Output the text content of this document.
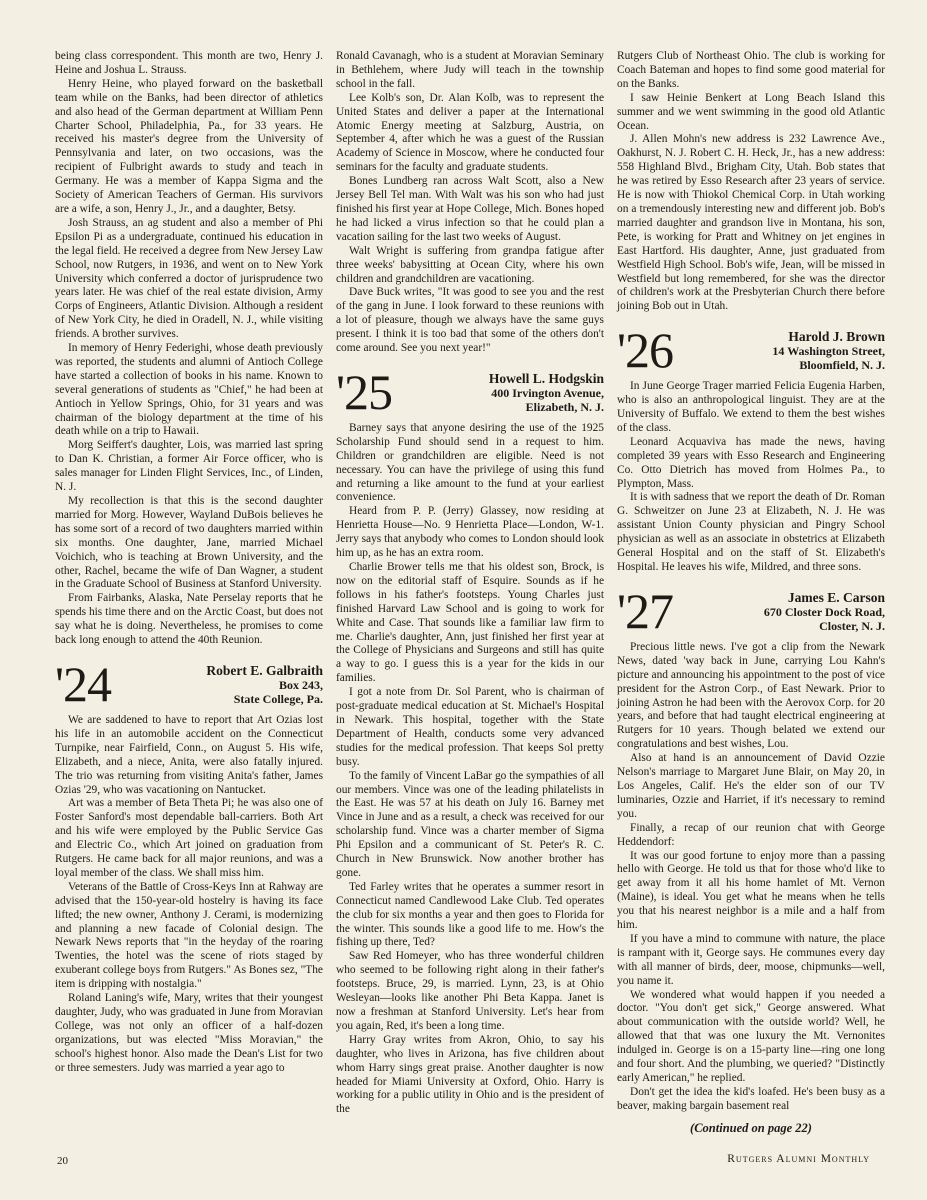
being class correspondent. This month are two, Henry J. Heine and Joshua L. Strauss.

Henry Heine, who played forward on the basketball team while on the Banks, had been director of athletics and also head of the German department at William Penn Charter School, Philadelphia, Pa., for 33 years. He received his master's degree from the University of Pennsylvania and later, on two occasions, was the recipient of Fulbright awards to study and teach in Germany. He was a member of Kappa Sigma and the Society of American Teachers of German. His survivors are a wife, a son, Henry J., Jr., and a daughter, Betsy.

Josh Strauss, an ag student and also a member of Phi Epsilon Pi as a undergraduate, continued his education in the legal field. He received a degree from New Jersey Law School, now Rutgers, in 1936, and went on to New York University which conferred a doctor of jurisprudence two years later. He was chief of the real estate division, Army Corps of Engineers, Atlantic Division. Although a resident of New York City, he died in Oradell, N. J., while visiting friends. A brother survives.

In memory of Henry Federighi, whose death previously was reported, the students and alumni of Antioch College have started a collection of books in his name. Known to several generations of students as "Chief," he had been at Antioch in Yellow Springs, Ohio, for 31 years and was chairman of the biology department at the time of his death while on a trip to Hawaii.

Morg Seiffert's daughter, Lois, was married last spring to Dan K. Christian, a former Air Force officer, who is sales manager for Linden Flight Services, Inc., of Linden, N. J.

My recollection is that this is the second daughter married for Morg. However, Wayland DuBois believes he has some sort of a record of two daughters married within six months. One daughter, Jane, married Michael Voichich, who is teaching at Brown University, and the other, Rachel, became the wife of Dan Wagner, a student in the Graduate School of Business at Stanford University.

From Fairbanks, Alaska, Nate Perselay reports that he spends his time there and on the Arctic Coast, but does not say what he is doing. Nevertheless, he promises to come back long enough to attend the 40th Reunion.

'24	Robert E. Galbraith
Box 243,
State College, Pa.

We are saddened to have to report that Art Ozias lost his life in an automobile accident on the Connecticut Turnpike, near Fairfield, Conn., on August 5. His wife, Elizabeth, and a niece, Anita, were also fatally injured. The trio was returning from visiting Anita's father, James Ozias '29, who was vacationing on Nantucket.

Art was a member of Beta Theta Pi; he was also one of Foster Sanford's most dependable ball-carriers. Both Art and his wife were employed by the Public Service Gas and Electric Co., which Art joined on graduation from Rutgers. He came back for all major reunions, and was a loyal member of the class. We shall miss him.

Veterans of the Battle of Cross-Keys Inn at Rahway are advised that the 150-year-old hostelry is having its face lifted; the new owner, Anthony J. Cerami, is modernizing and planning a new facade of Colonial design. The Newark News reports that "in the heyday of the roaring Twenties, the hotel was the scene of riots staged by exuberant college boys from Rutgers." As Bones sez, "The item is dripping with nostalgia."

Roland Laning's wife, Mary, writes that their youngest daughter, Judy, who was graduated in June from Moravian College, was not only an officer of a half-dozen organizations, but was elected "Miss Moravian," the school's highest honor. Also made the Dean's List for two or three semesters. Judy was married a year ago to

Ronald Cavanagh, who is a student at Moravian Seminary in Bethlehem, where Judy will teach in the township school in the fall.

Lee Kolb's son, Dr. Alan Kolb, was to represent the United States and deliver a paper at the International Atomic Energy meeting at Salzburg, Austria, on September 4, after which he was a guest of the Russian Academy of Science in Moscow, where he conducted four seminars for the faculty and graduate students.

Bones Lundberg ran across Walt Scott, also a New Jersey Bell Tel man. With Walt was his son who had just finished his first year at Hope College, Mich. Bones hoped he had licked a virus infection so that he could plan a vacation sailing for the last two weeks of August.

Walt Wright is suffering from grandpa fatigue after three weeks' babysitting at Ocean City, where his own children and grandchildren are vacationing.

Dave Buck writes, "It was good to see you and the rest of the gang in June. I look forward to these reunions with a lot of pleasure, though we always have the same guys present. I think it is too bad that some of the others don't come around. See you next year!"

'25	Howell L. Hodgskin
400 Irvington Avenue,
Elizabeth, N. J.

Barney says that anyone desiring the use of the 1925 Scholarship Fund should send in a request to him. Children or grandchildren are eligible. Need is not necessary. You can have the privilege of using this fund and returning a like amount to the fund at your earliest convenience.

Heard from P. P. (Jerry) Glassey, now residing at Henrietta House—No. 9 Henrietta Place—London, W-1. Jerry says that anybody who comes to London should look him up, as he has an extra room.

Charlie Brower tells me that his oldest son, Brock, is now on the editorial staff of Esquire. Sounds as if he follows in his father's footsteps. Young Charles just finished Harvard Law School and is going to work for White and Case. That sounds like a familiar law firm to me. Charlie's daughter, Ann, just finished her first year at the College of Physicians and Surgeons and still has quite a way to go. I guess this is a year for the kids in our families.

I got a note from Dr. Sol Parent, who is chairman of post-graduate medical education at St. Michael's Hospital in Newark. This hospital, together with the State Department of Health, conducts some very advanced studies for the medical profession. That keeps Sol pretty busy.

To the family of Vincent LaBar go the sympathies of all our members. Vince was one of the leading philatelists in the East. He was 57 at his death on July 16. Barney met Vince in June and as a result, a check was received for our scholarship fund. Vince was a charter member of Sigma Phi Epsilon and a communicant of St. Peter's R. C. Church in New Brunswick. Now another brother has gone.

Ted Farley writes that he operates a summer resort in Connecticut named Candlewood Lake Club. Ted operates the club for six months a year and then goes to Florida for the winter. This sounds like a good life to me. How's the fishing up there, Ted?

Saw Red Homeyer, who has three wonderful children who seemed to be following right along in their father's footsteps. Bruce, 29, is married. Lynn, 23, is at Ohio Wesleyan—looks like another Phi Beta Kappa. Janet is now a freshman at Stanford University. Let's hear from you again, Red, it's been a long time.

Harry Gray writes from Akron, Ohio, to say his daughter, who lives in Arizona, has five children about whom Harry sings great praise. Another daughter is now headed for Miami University at Oxford, Ohio. Harry is working for a public utility in Ohio and is the president of the

Rutgers Club of Northeast Ohio. The club is working for Coach Bateman and hopes to find some good material for on the Banks.

I saw Heinie Benkert at Long Beach Island this summer and we went swimming in the good old Atlantic Ocean.

J. Allen Mohn's new address is 232 Lawrence Ave., Oakhurst, N. J. Robert C. H. Heck, Jr., has a new address: 558 Highland Blvd., Brigham City, Utah. Bob states that he was retired by Esso Research after 23 years of service. He is now with Thiokol Chemical Corp. in Utah working on a tremendously interesting new and different job. Bob's married daughter and grandson live in Montana, his son, Pete, is working for Pratt and Whitney on jet engines in East Hartford. His daughter, Anne, just graduated from Westfield High School. Bob's wife, Jean, will be missed in Westfield but long remembered, for she was the director of children's work at the Presbyterian Church there before joining Bob out in Utah.

'26	Harold J. Brown
14 Washington Street,
Bloomfield, N. J.

In June George Trager married Felicia Eugenia Harben, who is also an anthropological linguist. They are at the University of Buffalo. We extend to them the best wishes of the class.

Leonard Acquaviva has made the news, having completed 39 years with Esso Research and Engineering Co. Otto Dietrich has moved from Holmes Pa., to Plympton, Mass.

It is with sadness that we report the death of Dr. Roman G. Schweitzer on June 23 at Elizabeth, N. J. He was assistant Union County physician and Pingry School physician as well as an associate in obstetrics at Elizabeth General Hospital and on the staff of St. Elizabeth's Hospital. He leaves his wife, Mildred, and three sons.

'27	James E. Carson
670 Closter Dock Road,
Closter, N. J.

Precious little news. I've got a clip from the Newark News, dated 'way back in June, carrying Lou Kahn's picture and announcing his appointment to the post of vice president for the Astron Corp., of East Newark. Prior to joining Astron he had been with the Aerovox Corp. for 20 years, and before that had taught electrical engineering at Rutgers for 10 years. Though belated we extend our congratulations and best wishes, Lou.

Also at hand is an announcement of David Ozzie Nelson's marriage to Margaret June Blair, on May 20, in Los Angeles, Calif. He's the elder son of our TV luminaries, Ozzie and Harriet, if it's necessary to remind you.

Finally, a recap of our reunion chat with George Heddendorf:

It was our good fortune to enjoy more than a passing hello with George. He told us that for those who'd like to get away from it all his home hamlet of Mt. Vernon (Maine), is ideal. You get what he means when he tells you that his nearest neighbor is a mile and a half from him.

If you have a mind to commune with nature, the place is rampant with it, George says. He communes every day with all manner of birds, deer, moose, chipmunks—well, you name it.

We wondered what would happen if you needed a doctor. "You don't get sick," George answered. What about communication with the outside world? Well, he allowed that that was one luxury the Mt. Vernonites indulged in. George is on a 15-party line—ring one long and four short. And the plumbing, we queried? "Distinctly early American," he replied.

Don't get the idea the kid's loafed. He's been busy as a beaver, making bargain basement real

(Continued on page 22)
20	Rutgers Alumni Monthly
